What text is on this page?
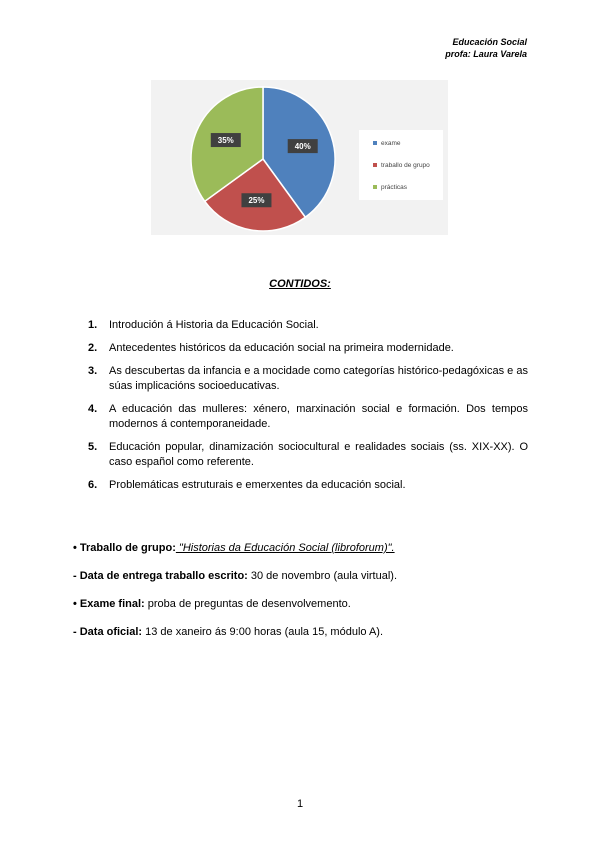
Educación Social
profa: Laura Varela
40%
25%
35%	exame
traballo de grupo
prácticas
CONTIDOS:
1. Introdución á Historia da Educación Social.
2. Antecedentes históricos da educación social na primeira modernidade.
3. As descubertas da infancia e a mocidade como categorías histórico-pedagóxicas e as súas implicacións socioeducativas.
4. A educación das mulleres: xénero, marxinación social e formación. Dos tempos modernos á contemporaneidade.
5. Educación popular, dinamización sociocultural e realidades sociais (ss. XIX-XX). O caso español como referente.
6. Problemáticas estruturais e emerxentes da educación social.

• Traballo de grupo: "Historias da Educación Social (libroforum)".

- Data de entrega traballo escrito: 30 de novembro (aula virtual).

• Exame final: proba de preguntas de desenvolvemento.

- Data oficial: 13 de xaneiro ás 9:00 horas (aula 15, módulo A).

1
